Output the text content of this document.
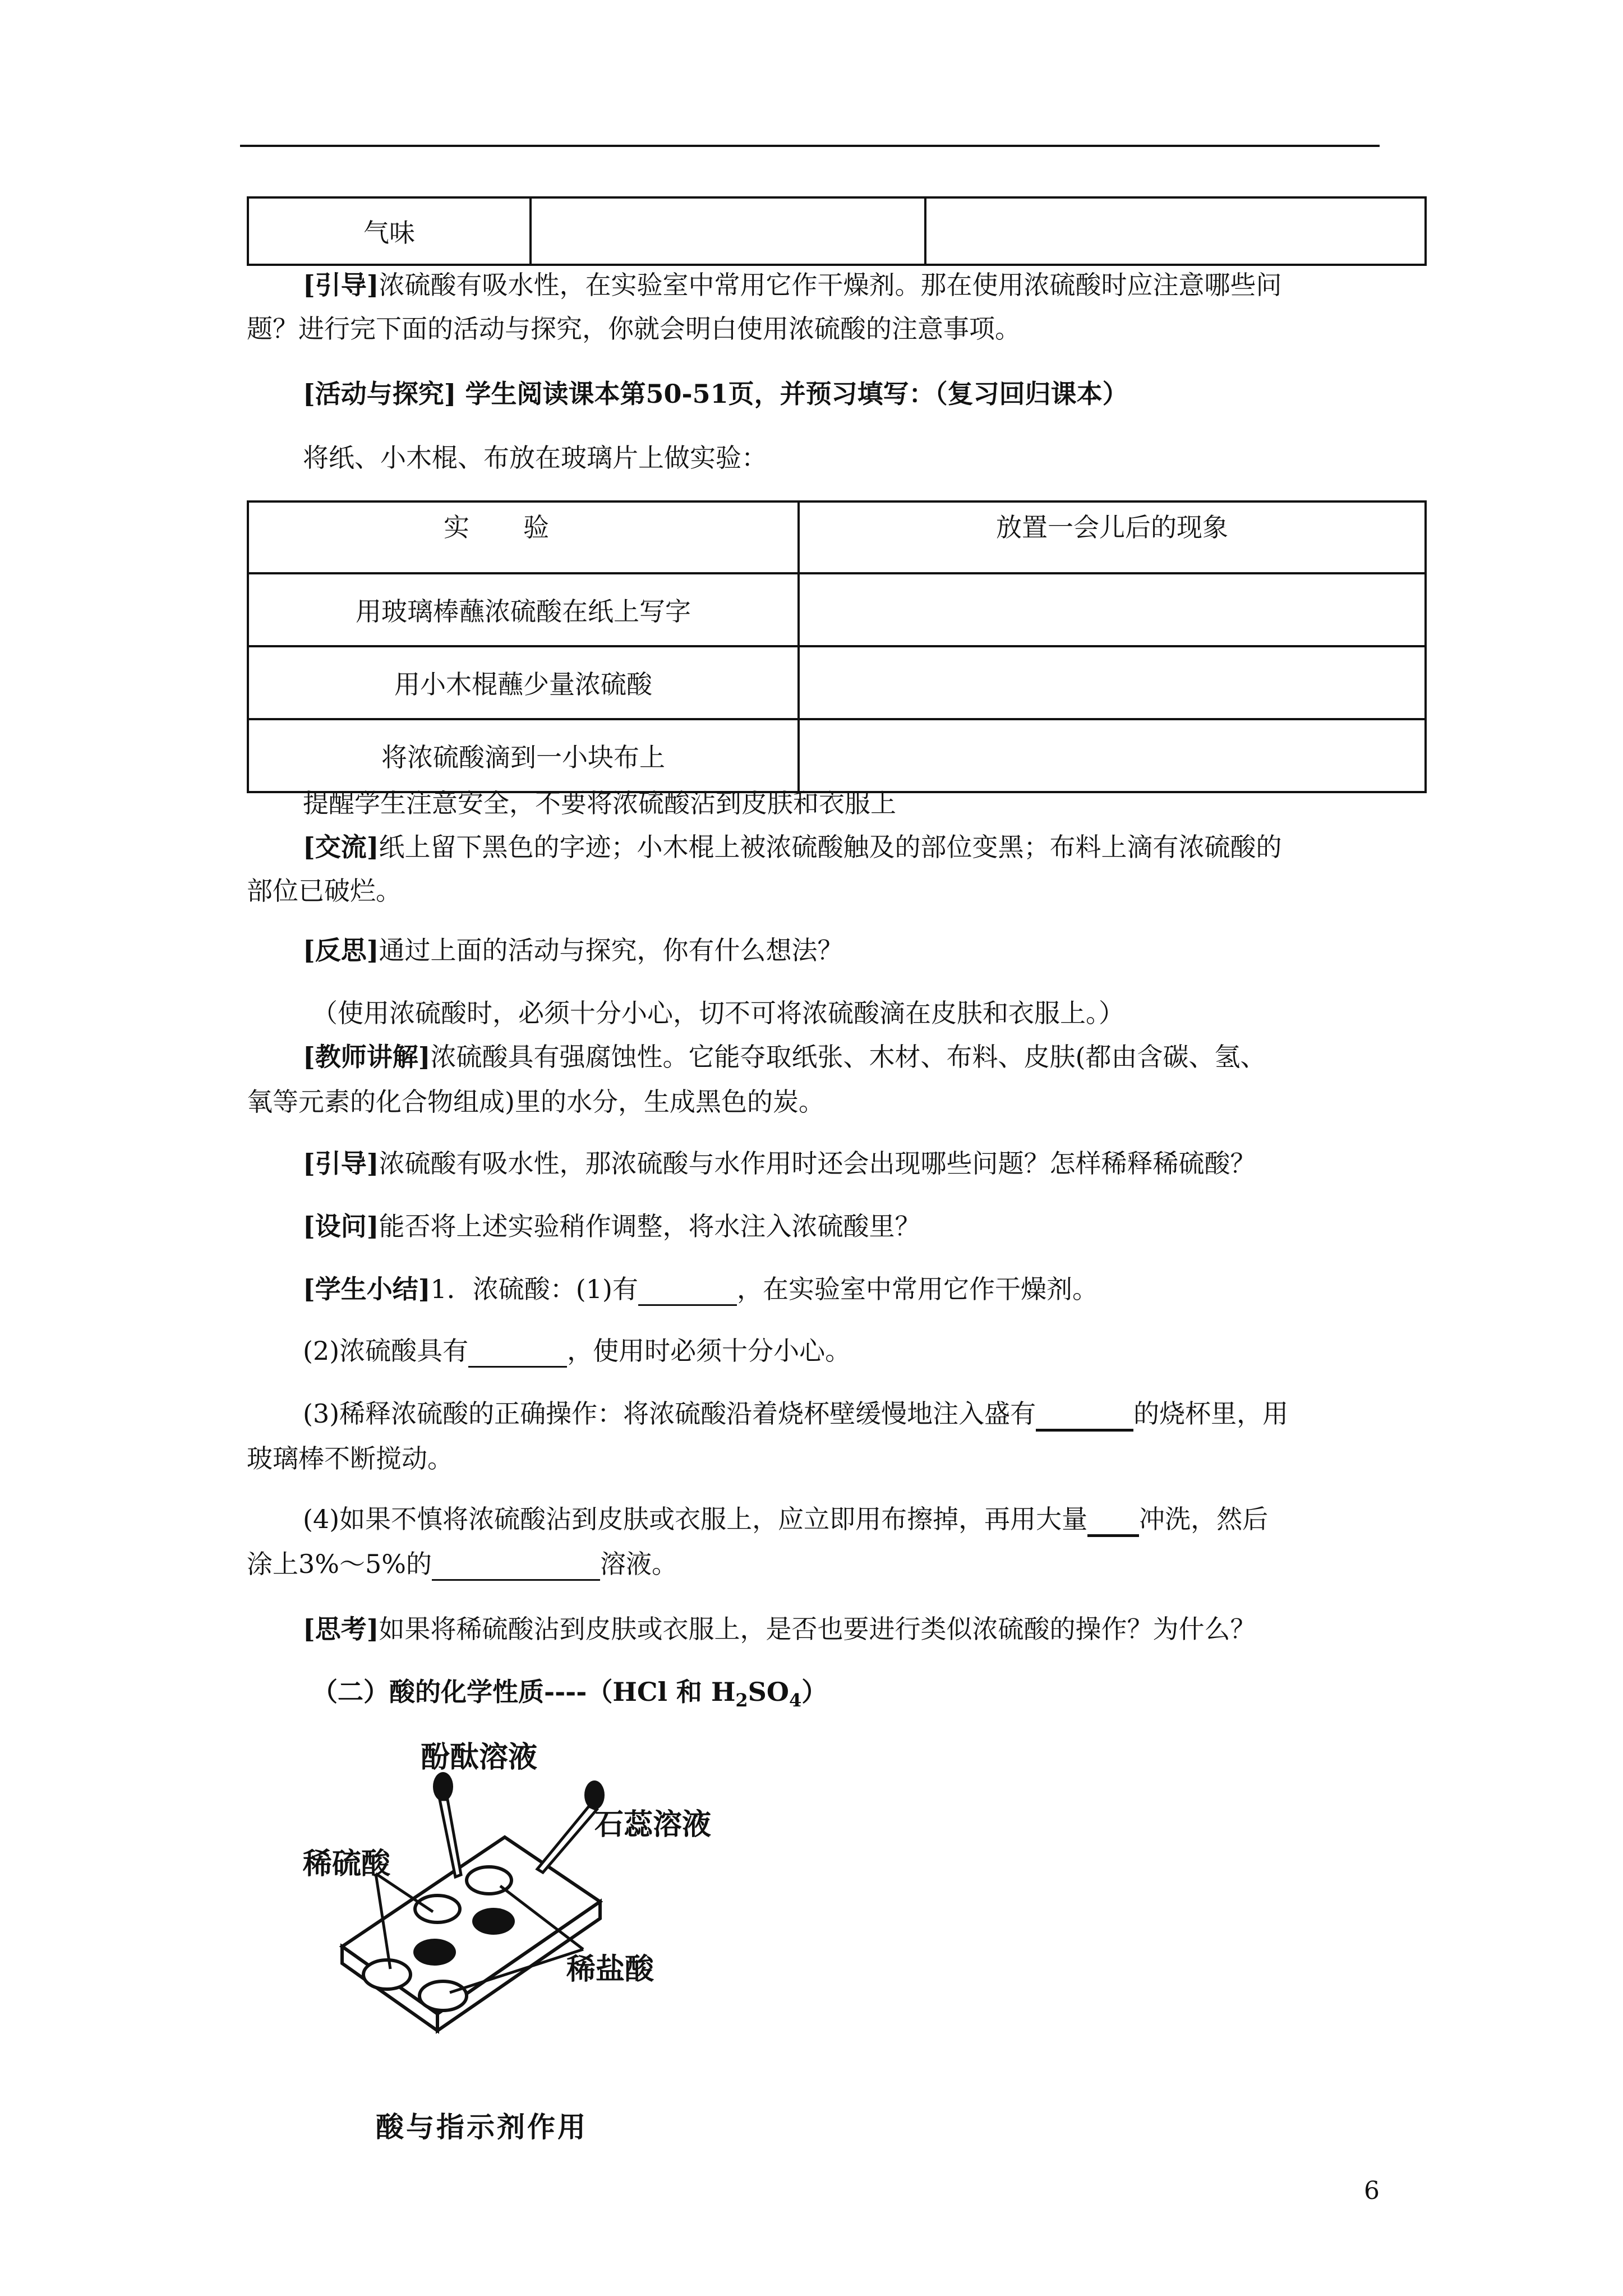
气味		
[引导]浓硫酸有吸水性，在实验室中常用它作干燥剂。那在使用浓硫酸时应注意哪些问
题？进行完下面的活动与探究，你就会明白使用浓硫酸的注意事项。
[活动与探究] 学生阅读课本第50-51页，并预习填写：（复习回归课本）
将纸、小木棍、布放在玻璃片上做实验：
实验	放置一会儿后的现象
用玻璃棒蘸浓硫酸在纸上写字	
用小木棍蘸少量浓硫酸	
将浓硫酸滴到一小块布上	
提醒学生注意安全，不要将浓硫酸沾到皮肤和衣服上
[交流]纸上留下黑色的字迹；小木棍上被浓硫酸触及的部位变黑；布料上滴有浓硫酸的
部位已破烂。
[反思]通过上面的活动与探究，你有什么想法？
（使用浓硫酸时，必须十分小心，切不可将浓硫酸滴在皮肤和衣服上。）
[教师讲解]浓硫酸具有强腐蚀性。它能夺取纸张、木材、布料、皮肤(都由含碳、氢、
氧等元素的化合物组成)里的水分，生成黑色的炭。
[引导]浓硫酸有吸水性，那浓硫酸与水作用时还会出现哪些问题？怎样稀释稀硫酸？
[设问]能否将上述实验稍作调整，将水注入浓硫酸里？
[学生小结]1．浓硫酸：(1)有	，在实验室中常用它作干燥剂。
(2)浓硫酸具有	，使用时必须十分小心。
(3)稀释浓硫酸的正确操作：将浓硫酸沿着烧杯壁缓慢地注入盛有	的烧杯里，用
玻璃棒不断搅动。
(4)如果不慎将浓硫酸沾到皮肤或衣服上，应立即用布擦掉，再用大量 冲洗，然后
涂上3%～5%的	溶液。
[思考]如果将稀硫酸沾到皮肤或衣服上，是否也要进行类似浓硫酸的操作？为什么？
（二）酸的化学性质----（HCl 和 $H_2SO_4$）
酚酞溶液
石蕊溶液
稀硫酸
稀盐酸
酸与指示剂作用
6
